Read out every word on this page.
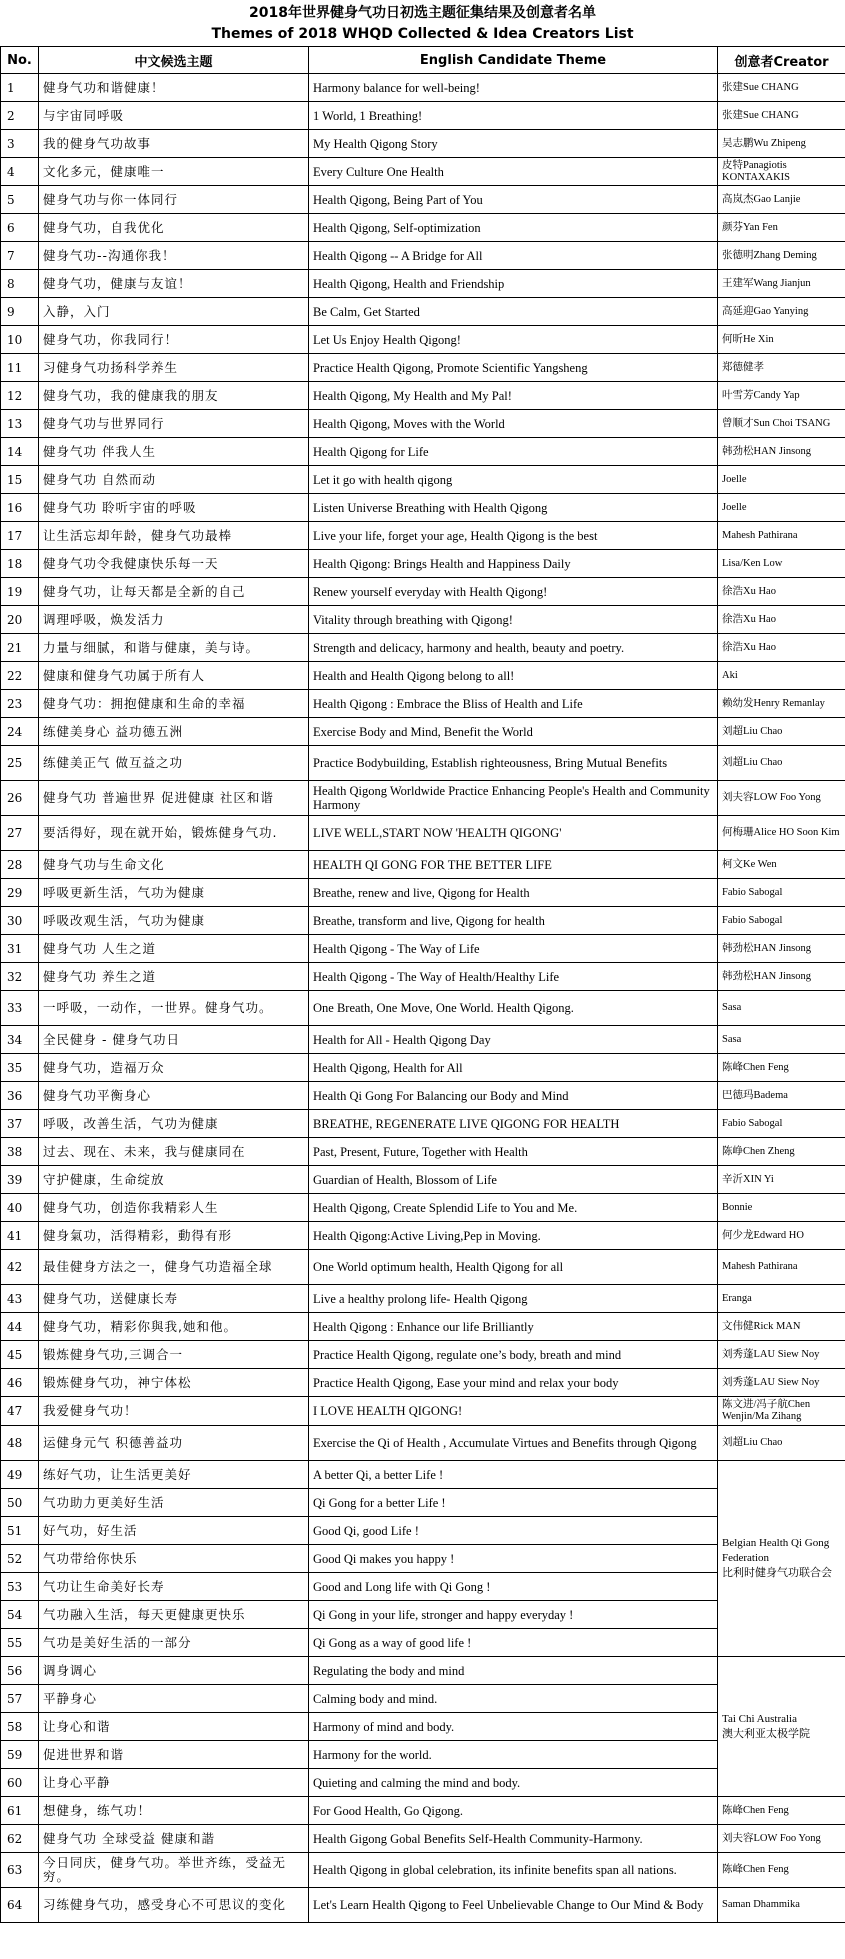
2018年世界健身气功日初选主题征集结果及创意者名单
Themes of 2018 WHQD Collected & Idea Creators List
No.	中文候选主题	English Candidate Theme	创意者Creator
1	健身气功和谐健康！	Harmony balance for well-being!	张建Sue CHANG
2	与宇宙同呼吸	1 World, 1 Breathing!	张建Sue CHANG
3	我的健身气功故事	My Health Qigong Story	吴志鹏Wu Zhipeng
4	文化多元，健康唯一	Every Culture One Health	皮特Panagiotis KONTAXAKIS
5	健身气功与你一体同行	Health Qigong, Being Part of You	高岚杰Gao Lanjie
6	健身气功，自我优化	Health Qigong, Self-optimization	颜芬Yan Fen
7	健身气功--沟通你我！	Health Qigong -- A Bridge for All	张德明Zhang Deming
8	健身气功，健康与友谊！	Health Qigong, Health and Friendship	王建军Wang Jianjun
9	入静，入门	Be Calm, Get Started	高延迎Gao Yanying
10	健身气功，你我同行！	Let Us Enjoy Health Qigong!	何昕He Xin
11	习健身气功扬科学养生	Practice Health Qigong, Promote Scientific Yangsheng	郑德健孝
12	健身气功，我的健康我的朋友	Health Qigong, My Health and My Pal!	叶雪芳Candy Yap
13	健身气功与世界同行	Health Qigong, Moves with the World	曾顺才Sun Choi TSANG
14	健身气功 伴我人生	Health Qigong for Life	韩劲松HAN Jinsong
15	健身气功 自然而动	Let it go with health qigong	Joelle
16	健身气功 聆听宇宙的呼吸	Listen Universe Breathing with Health Qigong	Joelle
17	让生活忘却年龄，健身气功最棒	Live your life, forget your age, Health Qigong is the best	Mahesh Pathirana
18	健身气功令我健康快乐每一天	Health Qigong: Brings Health and Happiness Daily	Lisa/Ken Low
19	健身气功，让每天都是全新的自己	Renew yourself everyday with Health Qigong!	徐浩Xu Hao
20	调理呼吸，焕发活力	Vitality through breathing with Qigong!	徐浩Xu Hao
21	力量与细腻，和谐与健康，美与诗。	Strength and delicacy, harmony and health, beauty and poetry.	徐浩Xu Hao
22	健康和健身气功属于所有人	Health and Health Qigong belong to all!	Aki
23	健身气功：拥抱健康和生命的幸福	Health Qigong : Embrace the Bliss of Health and Life	赖幼发Henry Remanlay
24	练健美身心 益功德五洲	Exercise Body and Mind, Benefit the World	刘超Liu Chao
25	练健美正气 做互益之功	Practice Bodybuilding, Establish righteousness, Bring Mutual Benefits	刘超Liu Chao
26	健身气功 普遍世界 促进健康 社区和谐	Health Qigong Worldwide Practice Enhancing People's Health and Community Harmony	刘夫容LOW Foo Yong
27	要活得好，现在就开始，锻炼健身气功.	LIVE WELL,START NOW 'HEALTH QIGONG'	何梅珊Alice HO Soon Kim
28	健身气功与生命文化	HEALTH QI GONG FOR THE BETTER LIFE	柯文Ke Wen
29	呼吸更新生活，气功为健康	Breathe, renew and live, Qigong for Health	Fabio Sabogal
30	呼吸改观生活，气功为健康	Breathe, transform and live, Qigong for health	Fabio Sabogal
31	健身气功 人生之道	Health Qigong - The Way of Life	韩劲松HAN Jinsong
32	健身气功 养生之道	Health Qigong - The Way of Health/Healthy Life	韩劲松HAN Jinsong
33	一呼吸，一动作，一世界。健身气功。	One Breath, One Move, One World. Health Qigong.	Sasa
34	全民健身 - 健身气功日	Health for All - Health Qigong Day	Sasa
35	健身气功，造福万众	Health Qigong, Health for All	陈峰Chen Feng
36	健身气功平衡身心	Health Qi Gong For Balancing our Body and Mind	巴德玛Badema
37	呼吸，改善生活，气功为健康	BREATHE, REGENERATE LIVE QIGONG FOR HEALTH	Fabio Sabogal
38	过去、现在、未来，我与健康同在	Past, Present, Future, Together with Health	陈峥Chen Zheng
39	守护健康，生命绽放	Guardian of Health, Blossom of Life	辛沂XIN Yi
40	健身气功，创造你我精彩人生	Health Qigong, Create Splendid Life to You and Me.	Bonnie
41	健身氣功，活得精彩，動得有形	Health Qigong:Active Living,Pep in Moving.	何少龙Edward HO
42	最佳健身方法之一，健身气功造福全球	One World optimum health, Health Qigong for all	Mahesh Pathirana
43	健身气功，送健康长寿	Live a healthy prolong life- Health Qigong	Eranga
44	健身气功，精彩你與我,她和他。	Health Qigong : Enhance our life Brilliantly	文伟健Rick MAN
45	锻炼健身气功,三调合一	Practice Health Qigong, regulate one’s body, breath and mind	刘秀蓬LAU Siew Noy
46	锻炼健身气功，神宁体松	Practice Health Qigong, Ease your mind and relax your body	刘秀蓬LAU Siew Noy
47	我爱健身气功！	I LOVE HEALTH QIGONG!	陈文进/冯子航Chen Wenjin/Ma Zihang
48	运健身元气 积德善益功	Exercise the Qi of Health , Accumulate Virtues and Benefits through Qigong	刘超Liu Chao
49	练好气功，让生活更美好	A better Qi, a better Life !	Belgian Health Qi Gong Federation
比利时健身气功联合会

50	气功助力更美好生活	Qi Gong for a better Life !	
51	好气功，好生活	Good Qi, good Life !	
52	气功带给你快乐	Good Qi makes you happy !	
53	气功让生命美好长寿	Good and Long life with Qi Gong !	
54	气功融入生活，每天更健康更快乐	Qi Gong in your life, stronger and happy everyday !	
55	气功是美好生活的一部分	Qi Gong as a way of good life !	
56	调身调心	Regulating the body and mind	Tai Chi Australia
澳大利亚太极学院

57	平静身心	Calming body and mind.	
58	让身心和谐	Harmony of mind and body.	
59	促进世界和谐	Harmony for the world.	
60	让身心平静	Quieting and calming the mind and body.	
61	想健身，练气功！	For Good Health, Go Qigong.	陈峰Chen Feng
62	健身气功 全球受益 健康和諧	Health Gigong Gobal Benefits Self-Health Community-Harmony.	刘夫容LOW Foo Yong
63	今日同庆，健身气功。举世齐练，受益无穷。	Health Qigong in global celebration, its infinite benefits span all nations.	陈峰Chen Feng
64	习练健身气功，感受身心不可思议的变化	Let's Learn Health Qigong to Feel Unbelievable Change to Our Mind & Body	Saman Dhammika
